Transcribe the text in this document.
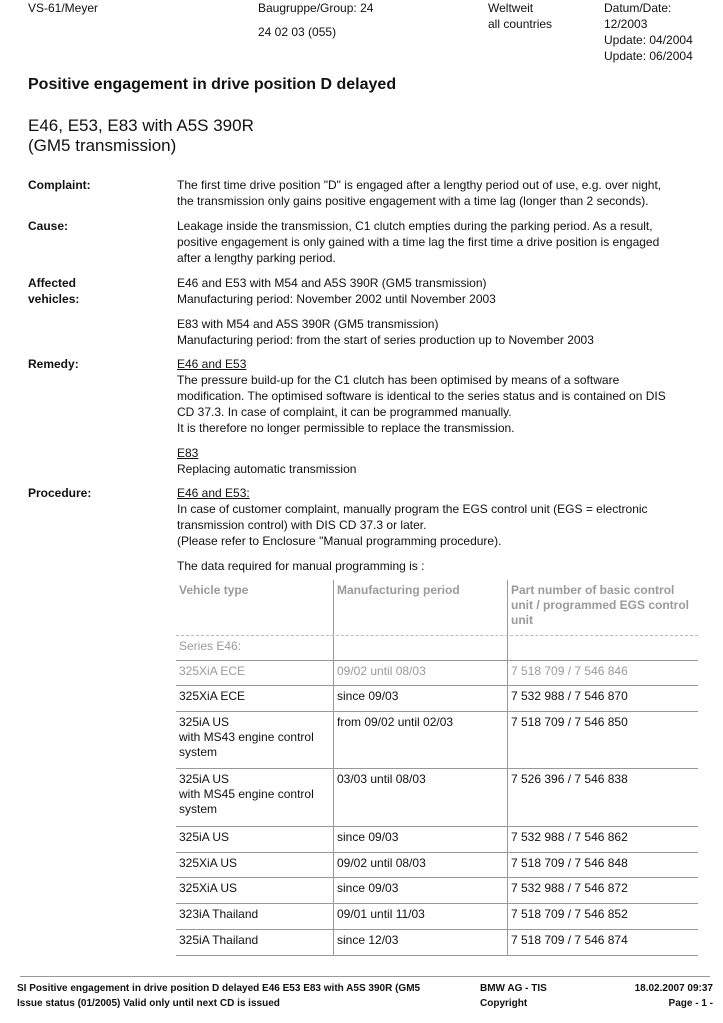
VS-61/Meyer	Baugruppe/Group: 24
24 02 03 (055)
Weltweit
all countries
Datum/Date:
12/2003
Update: 04/2004
Update: 06/2004
Positive engagement in drive position D delayed
E46, E53, E83 with A5S 390R
(GM5 transmission)
Complaint:	The first time drive position "D" is engaged after a lengthy period out of use, e.g. over night,
the transmission only gains positive engagement with a time lag (longer than 2 seconds).
Cause:	Leakage inside the transmission, C1 clutch empties during the parking period. As a result,
positive engagement is only gained with a time lag the first time a drive position is engaged
after a lengthy parking period.
Affected
vehicles:
E46 and E53 with M54 and A5S 390R (GM5 transmission)
Manufacturing period: November 2002 until November 2003
E83 with M54 and A5S 390R (GM5 transmission)
Manufacturing period: from the start of series production up to November 2003
Remedy:	E46 and E53
The pressure build-up for the C1 clutch has been optimised by means of a software
modification. The optimised software is identical to the series status and is contained on DIS
CD 37.3. In case of complaint, it can be programmed manually.
It is therefore no longer permissible to replace the transmission.
E83
Replacing automatic transmission
Procedure:	E46 and E53:
In case of customer complaint, manually program the EGS control unit (EGS = electronic
transmission control) with DIS CD 37.3 or later.
(Please refer to Enclosure "Manual programming procedure).
The data required for manual programming is :
Vehicle type	Manufacturing period	Part number of basic control unit / programmed EGS control unit
Series E46:
325XiA ECE	09/02 until 08/03	7 518 709 / 7 546 846
325XiA ECE	since 09/03	7 532 988 / 7 546 870
325iA US
with MS43 engine control
system
from 09/02 until 02/03	7 518 709 / 7 546 850
325iA US
with MS45 engine control
system
03/03 until 08/03	7 526 396 / 7 546 838
325iA US	since 09/03	7 532 988 / 7 546 862
325XiA US	09/02 until 08/03	7 518 709 / 7 546 848
325XiA US	since 09/03	7 532 988 / 7 546 872
323iA Thailand	09/01 until 11/03	7 518 709 / 7 546 852
325iA Thailand	since 12/03	7 518 709 / 7 546 874
SI Positive engagement in drive position D delayed E46 E53 E83 with A5S 390R (GM5
Issue status (01/2005) Valid only until next CD is issued
BMW AG - TIS
Copyright
18.02.2007 09:37
Page - 1 -
